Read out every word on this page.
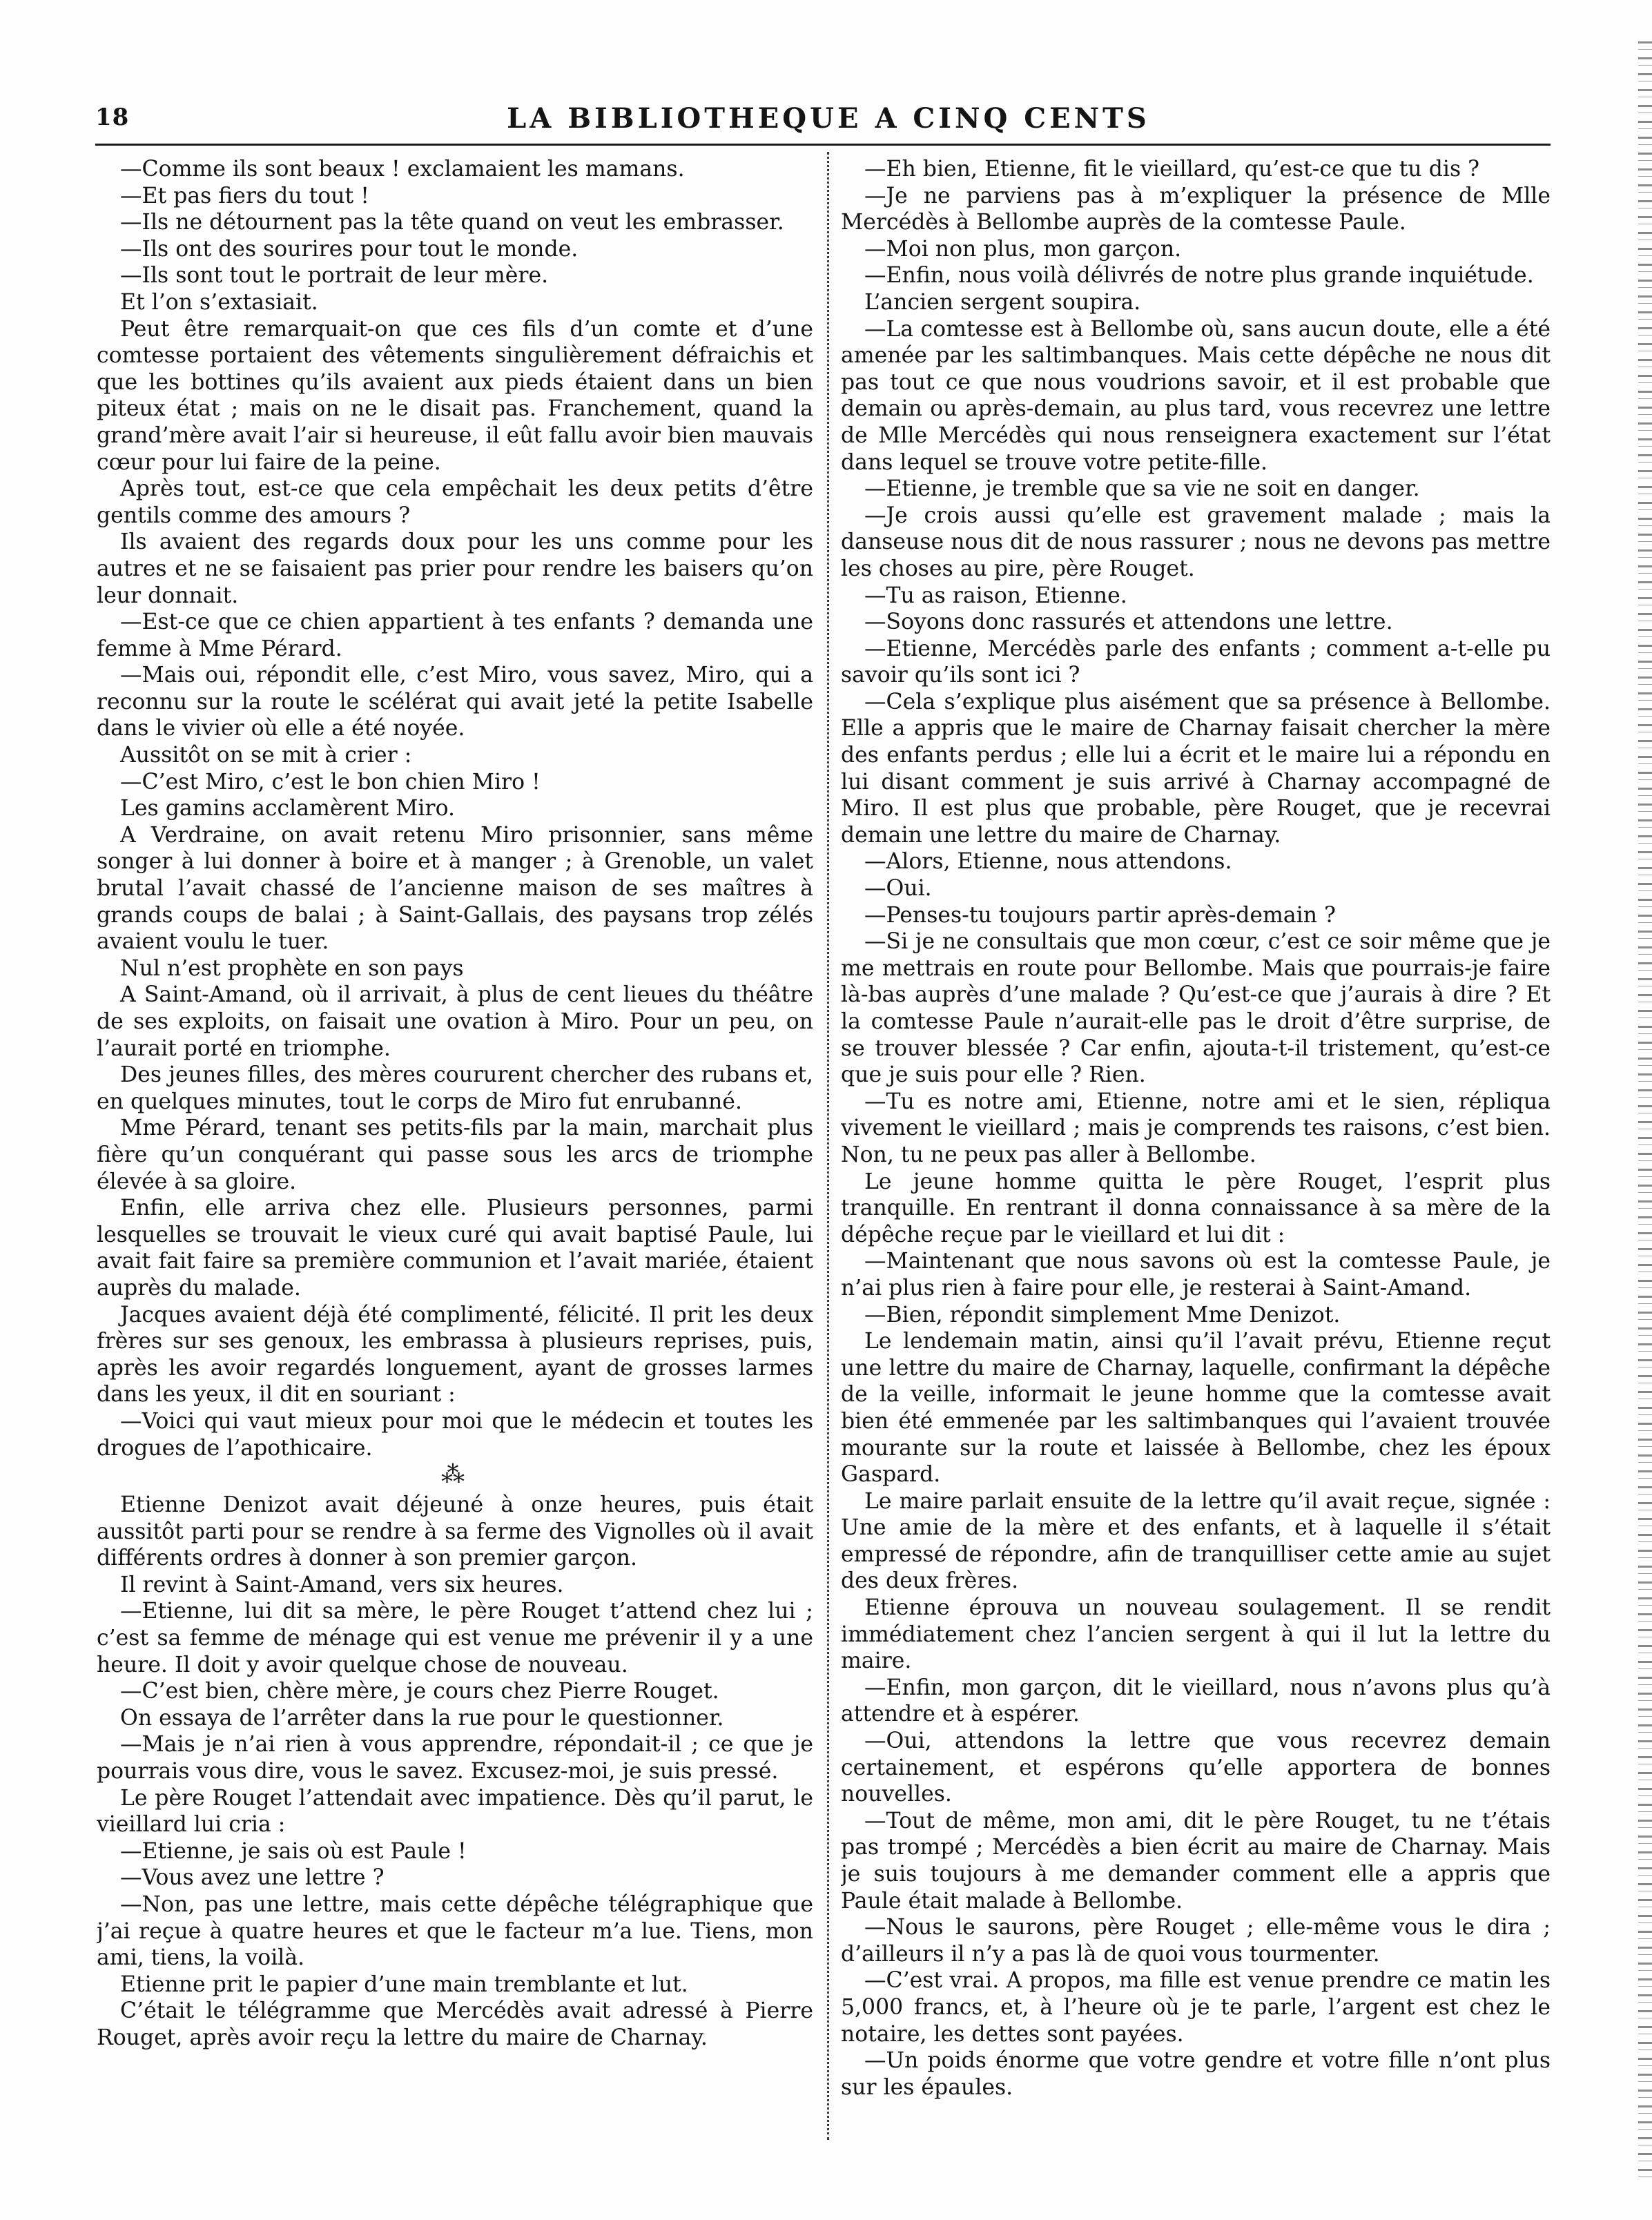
18	LA BIBLIOTHEQUE A CINQ CENTS

—Comme ils sont beaux ! exclamaient les mamans.

—Et pas fiers du tout !

—Ils ne détournent pas la tête quand on veut les embrasser.

—Ils ont des sourires pour tout le monde.

—Ils sont tout le portrait de leur mère.

Et l’on s’extasiait.

Peut être remarquait-on que ces fils d’un comte et d’une comtesse portaient des vêtements singulièrement défraichis et que les bottines qu’ils avaient aux pieds étaient dans un bien piteux état ; mais on ne le disait pas. Franchement, quand la grand’mère avait l’air si heureuse, il eût fallu avoir bien mauvais cœur pour lui faire de la peine.

Après tout, est-ce que cela empêchait les deux petits d’être gentils comme des amours ?

Ils avaient des regards doux pour les uns comme pour les autres et ne se faisaient pas prier pour rendre les baisers qu’on leur donnait.

—Est-ce que ce chien appartient à tes enfants ? demanda une femme à Mme Pérard.

—Mais oui, répondit elle, c’est Miro, vous savez, Miro, qui a reconnu sur la route le scélérat qui avait jeté la petite Isabelle dans le vivier où elle a été noyée.

Aussitôt on se mit à crier :

—C’est Miro, c’est le bon chien Miro !

Les gamins acclamèrent Miro.

A Verdraine, on avait retenu Miro prisonnier, sans même songer à lui donner à boire et à manger ; à Grenoble, un valet brutal l’avait chassé de l’ancienne maison de ses maîtres à grands coups de balai ; à Saint-Gallais, des paysans trop zélés avaient voulu le tuer.

Nul n’est prophète en son pays

A Saint-Amand, où il arrivait, à plus de cent lieues du théâtre de ses exploits, on faisait une ovation à Miro. Pour un peu, on l’aurait porté en triomphe.

Des jeunes filles, des mères coururent chercher des rubans et, en quelques minutes, tout le corps de Miro fut enrubanné.

Mme Pérard, tenant ses petits-fils par la main, marchait plus fière qu’un conquérant qui passe sous les arcs de triomphe élevée à sa gloire.

Enfin, elle arriva chez elle. Plusieurs personnes, parmi lesquelles se trouvait le vieux curé qui avait baptisé Paule, lui avait fait faire sa première communion et l’avait mariée, étaient auprès du malade.

Jacques avaient déjà été complimenté, félicité. Il prit les deux frères sur ses genoux, les embrassa à plusieurs reprises, puis, après les avoir regardés longuement, ayant de grosses larmes dans les yeux, il dit en souriant :

—Voici qui vaut mieux pour moi que le médecin et toutes les drogues de l’apothicaire.

⁂

Etienne Denizot avait déjeuné à onze heures, puis était aussitôt parti pour se rendre à sa ferme des Vignolles où il avait différents ordres à donner à son premier garçon.

Il revint à Saint-Amand, vers six heures.

—Etienne, lui dit sa mère, le père Rouget t’attend chez lui ; c’est sa femme de ménage qui est venue me prévenir il y a une heure. Il doit y avoir quelque chose de nouveau.

—C’est bien, chère mère, je cours chez Pierre Rouget.

On essaya de l’arrêter dans la rue pour le questionner.

—Mais je n’ai rien à vous apprendre, répondait-il ; ce que je pourrais vous dire, vous le savez. Excusez-moi, je suis pressé.

Le père Rouget l’attendait avec impatience. Dès qu’il parut, le vieillard lui cria :

—Etienne, je sais où est Paule !

—Vous avez une lettre ?

—Non, pas une lettre, mais cette dépêche télégraphique que j’ai reçue à quatre heures et que le facteur m’a lue. Tiens, mon ami, tiens, la voilà.

Etienne prit le papier d’une main tremblante et lut.

C’était le télégramme que Mercédès avait adressé à Pierre Rouget, après avoir reçu la lettre du maire de Charnay.

—Eh bien, Etienne, fit le vieillard, qu’est-ce que tu dis ?

—Je ne parviens pas à m’expliquer la présence de Mlle Mercédès à Bellombe auprès de la comtesse Paule.

—Moi non plus, mon garçon.

—Enfin, nous voilà délivrés de notre plus grande inquiétude.

L’ancien sergent soupira.

—La comtesse est à Bellombe où, sans aucun doute, elle a été amenée par les saltimbanques. Mais cette dépêche ne nous dit pas tout ce que nous voudrions savoir, et il est probable que demain ou après-demain, au plus tard, vous recevrez une lettre de Mlle Mercédès qui nous renseignera exactement sur l’état dans lequel se trouve votre petite-fille.

—Etienne, je tremble que sa vie ne soit en danger.

—Je crois aussi qu’elle est gravement malade ; mais la danseuse nous dit de nous rassurer ; nous ne devons pas mettre les choses au pire, père Rouget.

—Tu as raison, Etienne.

—Soyons donc rassurés et attendons une lettre.

—Etienne, Mercédès parle des enfants ; comment a-t-elle pu savoir qu’ils sont ici ?

—Cela s’explique plus aisément que sa présence à Bellombe. Elle a appris que le maire de Charnay faisait chercher la mère des enfants perdus ; elle lui a écrit et le maire lui a répondu en lui disant comment je suis arrivé à Charnay accompagné de Miro. Il est plus que probable, père Rouget, que je recevrai demain une lettre du maire de Charnay.

—Alors, Etienne, nous attendons.

—Oui.

—Penses-tu toujours partir après-demain ?

—Si je ne consultais que mon cœur, c’est ce soir même que je me mettrais en route pour Bellombe. Mais que pourrais-je faire là-bas auprès d’une malade ? Qu’est-ce que j’aurais à dire ? Et la comtesse Paule n’aurait-elle pas le droit d’être surprise, de se trouver blessée ? Car enfin, ajouta-t-il tristement, qu’est-ce que je suis pour elle ? Rien.

—Tu es notre ami, Etienne, notre ami et le sien, répliqua vivement le vieillard ; mais je comprends tes raisons, c’est bien. Non, tu ne peux pas aller à Bellombe.

Le jeune homme quitta le père Rouget, l’esprit plus tranquille. En rentrant il donna connaissance à sa mère de la dépêche reçue par le vieillard et lui dit :

—Maintenant que nous savons où est la comtesse Paule, je n’ai plus rien à faire pour elle, je resterai à Saint-Amand.

—Bien, répondit simplement Mme Denizot.

Le lendemain matin, ainsi qu’il l’avait prévu, Etienne reçut une lettre du maire de Charnay, laquelle, confirmant la dépêche de la veille, informait le jeune homme que la comtesse avait bien été emmenée par les saltimbanques qui l’avaient trouvée mourante sur la route et laissée à Bellombe, chez les époux Gaspard.

Le maire parlait ensuite de la lettre qu’il avait reçue, signée : Une amie de la mère et des enfants, et à laquelle il s’était empressé de répondre, afin de tranquilliser cette amie au sujet des deux frères.

Etienne éprouva un nouveau soulagement. Il se rendit immédiatement chez l’ancien sergent à qui il lut la lettre du maire.

—Enfin, mon garçon, dit le vieillard, nous n’avons plus qu’à attendre et à espérer.

—Oui, attendons la lettre que vous recevrez demain certainement, et espérons qu’elle apportera de bonnes nouvelles.

—Tout de même, mon ami, dit le père Rouget, tu ne t’étais pas trompé ; Mercédès a bien écrit au maire de Charnay. Mais je suis toujours à me demander comment elle a appris que Paule était malade à Bellombe.

—Nous le saurons, père Rouget ; elle-même vous le dira ; d’ailleurs il n’y a pas là de quoi vous tourmenter.

—C’est vrai. A propos, ma fille est venue prendre ce matin les 5,000 francs, et, à l’heure où je te parle, l’argent est chez le notaire, les dettes sont payées.

—Un poids énorme que votre gendre et votre fille n’ont plus sur les épaules.
